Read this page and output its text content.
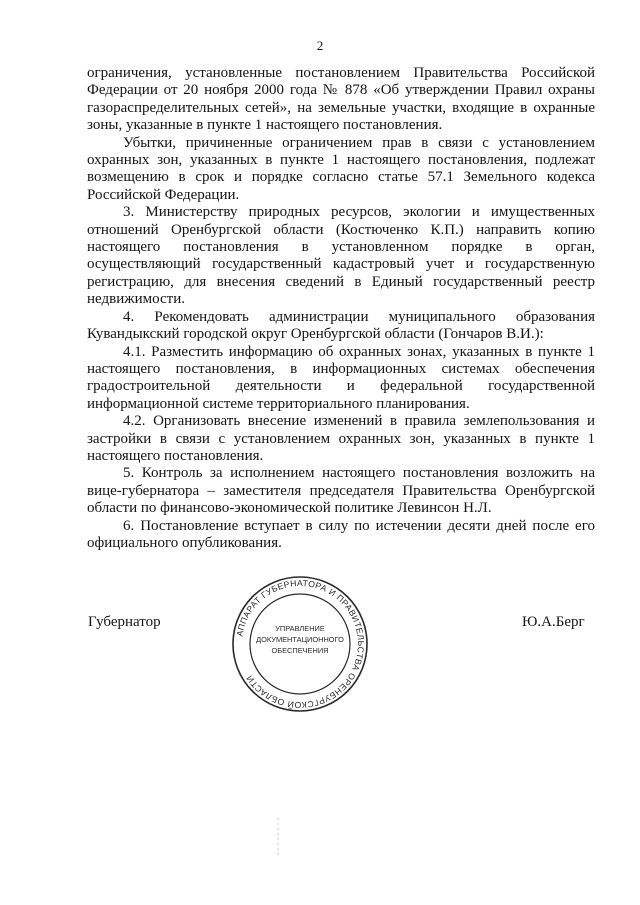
2

ограничения, установленные постановлением Правительства Российской Федерации от 20 ноября 2000 года № 878 «Об утверждении Правил охраны газораспределительных сетей», на земельные участки, входящие в охранные зоны, указанные в пункте 1 настоящего постановления.

Убытки, причиненные ограничением прав в связи с установлением охранных зон, указанных в пункте 1 настоящего постановления, подлежат возмещению в срок и порядке согласно статье 57.1 Земельного кодекса Российской Федерации.

3. Министерству природных ресурсов, экологии и имущественных отношений Оренбургской области (Костюченко К.П.) направить копию настоящего постановления в установленном порядке в орган, осуществляющий государственный кадастровый учет и государственную регистрацию, для внесения сведений в Единый государственный реестр недвижимости.

4. Рекомендовать администрации муниципального образования Кувандыкский городской округ Оренбургской области (Гончаров В.И.):

4.1. Разместить информацию об охранных зонах, указанных в пункте 1 настоящего постановления, в информационных системах обеспечения градостроительной деятельности и федеральной государственной информационной системе территориального планирования.

4.2. Организовать внесение изменений в правила землепользования и застройки в связи с установлением охранных зон, указанных в пункте 1 настоящего постановления.

5. Контроль за исполнением настоящего постановления возложить на вице-губернатора – заместителя председателя Правительства Оренбургской области по финансово-экономической политике Левинсон Н.Л.

6. Постановление вступает в силу по истечении десяти дней после его официального опубликования.

Губернатор	Ю.А.Берг
АППАРАТ ГУБЕРНАТОРА И ПРАВИТЕЛЬСТВА ОРЕНБУРГСКОЙ ОБЛАСТИ
УПРАВЛЕНИЕ
ДОКУМЕНТАЦИОННОГО
ОБЕСПЕЧЕНИЯ
